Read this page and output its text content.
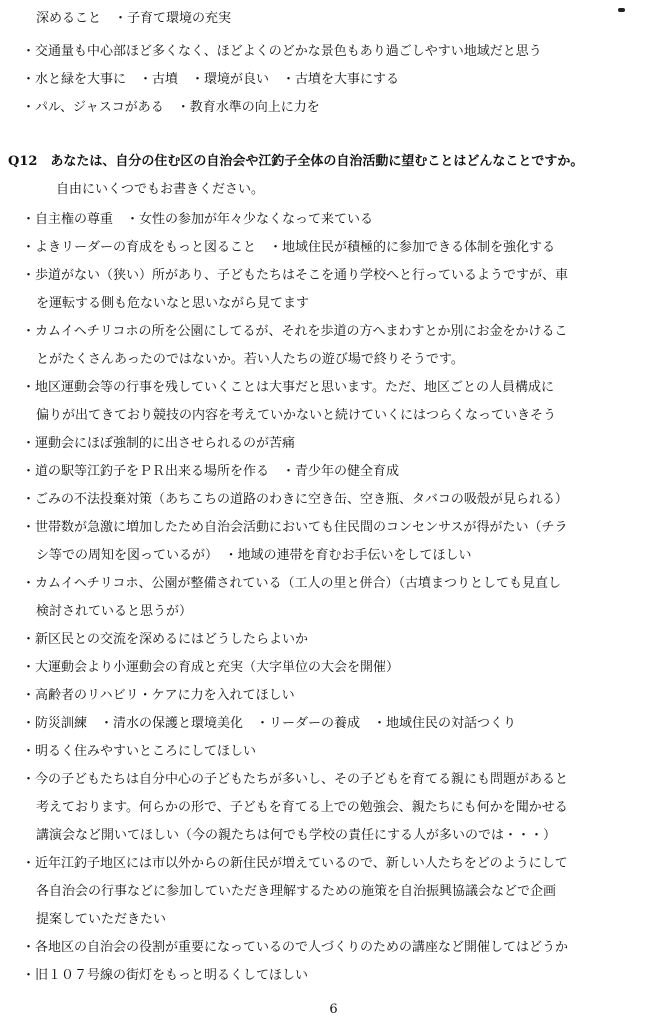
深めること　・子育て環境の充実
・交通量も中心部ほど多くなく、ほどよくのどかな景色もあり過ごしやすい地域だと思う
・水と緑を大事に　・古墳　・環境が良い　・古墳を大事にする
・パル、ジャスコがある　・教育水準の向上に力を
Q12　あなたは、自分の住む区の自治会や江釣子全体の自治活動に望むことはどんなことですか。
自由にいくつでもお書きください。
・自主権の尊重　・女性の参加が年々少なくなって来ている
・よきリーダーの育成をもっと図ること　・地域住民が積極的に参加できる体制を強化する
・歩道がない（狭い）所があり、子どもたちはそこを通り学校へと行っているようですが、車
を運転する側も危ないなと思いながら見てます
・カムイヘチリコホの所を公園にしてるが、それを歩道の方へまわすとか別にお金をかけるこ
とがたくさんあったのではないか。若い人たちの遊び場で終りそうです。
・地区運動会等の行事を残していくことは大事だと思います。ただ、地区ごとの人員構成に
偏りが出てきており競技の内容を考えていかないと続けていくにはつらくなっていきそう
・運動会にほぼ強制的に出させられるのが苦痛
・道の駅等江釣子をＰＲ出来る場所を作る　・青少年の健全育成
・ごみの不法投棄対策（あちこちの道路のわきに空き缶、空き瓶、タバコの吸殻が見られる）
・世帯数が急激に増加したため自治会活動においても住民間のコンセンサスが得がたい（チラ
シ等での周知を図っているが）　・地域の連帯を育むお手伝いをしてほしい
・カムイヘチリコホ、公園が整備されている（工人の里と併合）（古墳まつりとしても見直し
検討されていると思うが）
・新区民との交流を深めるにはどうしたらよいか
・大運動会より小運動会の育成と充実（大字単位の大会を開催）
・高齢者のリハビリ・ケアに力を入れてほしい
・防災訓練　・清水の保護と環境美化　・リーダーの養成　・地域住民の対話つくり
・明るく住みやすいところにしてほしい
・今の子どもたちは自分中心の子どもたちが多いし、その子どもを育てる親にも問題があると
考えております。何らかの形で、子どもを育てる上での勉強会、親たちにも何かを聞かせる
講演会など開いてほしい（今の親たちは何でも学校の責任にする人が多いのでは・・・）
・近年江釣子地区には市以外からの新住民が増えているので、新しい人たちをどのようにして
各自治会の行事などに参加していただき理解するための施策を自治振興協議会などで企画
提案していただきたい
・各地区の自治会の役割が重要になっているので人づくりのための講座など開催してはどうか
・旧１０７号線の街灯をもっと明るくしてほしい
6
